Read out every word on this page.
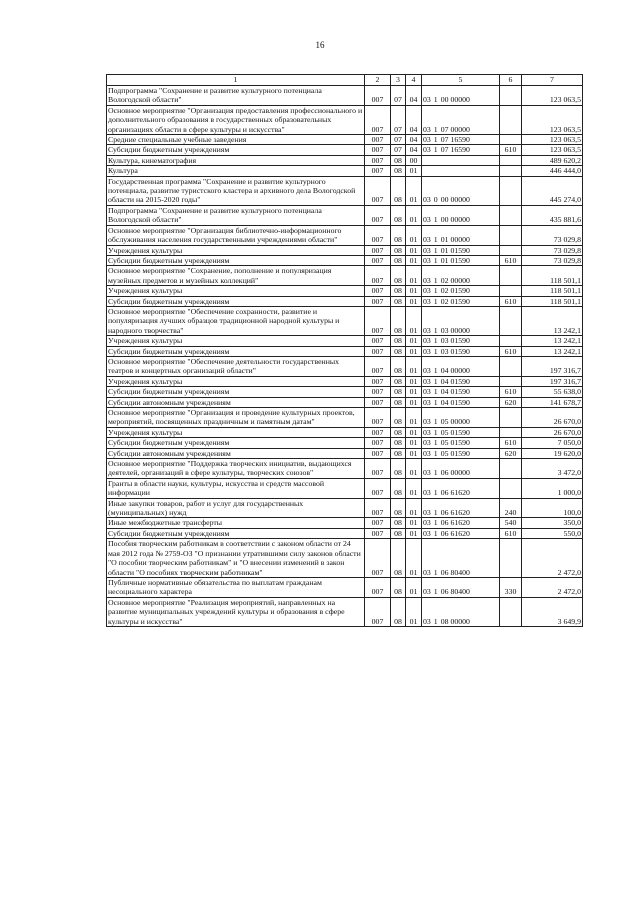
16
1	2	3	4	5	6	7
Подпрограмма "Сохранение и развитие культурного потенциала Вологодской области"	007	07	04	03 1 00 00000		123 063,5
Основное мероприятие "Организация предоставления профессионального и дополнительного образования в государственных образовательных организациях области в сфере культуры и искусства"	007	07	04	03 1 07 00000		123 063,5
Средние специальные учебные заведения	007	07	04	03 1 07 16590		123 063,5
Субсидии бюджетным учреждениям	007	07	04	03 1 07 16590	610	123 063,5
Культура, кинематография	007	08	00			489 620,2
Культура	007	08	01			446 444,0
Государственная программа "Сохранение и развитие культурного потенциала, развитие туристского кластера и архивного дела Вологодской области на 2015-2020 годы"	007	08	01	03 0 00 00000		445 274,0
Подпрограмма "Сохранение и развитие культурного потенциала Вологодской области"	007	08	01	03 1 00 00000		435 881,6
Основное мероприятие "Организация библиотечно-информационного обслуживания населения государственными учреждениями области"	007	08	01	03 1 01 00000		73 029,8
Учреждения культуры	007	08	01	03 1 01 01590		73 029,8
Субсидии бюджетным учреждениям	007	08	01	03 1 01 01590	610	73 029,8
Основное мероприятие "Сохранение, пополнение и популяризация музейных предметов и музейных коллекций"	007	08	01	03 1 02 00000		118 501,1
Учреждения культуры	007	08	01	03 1 02 01590		118 501,1
Субсидии бюджетным учреждениям	007	08	01	03 1 02 01590	610	118 501,1
Основное мероприятие "Обеспечение сохранности, развитие и популяризация лучших образцов традиционной народной культуры и народного творчества"	007	08	01	03 1 03 00000		13 242,1
Учреждения культуры	007	08	01	03 1 03 01590		13 242,1
Субсидии бюджетным учреждениям	007	08	01	03 1 03 01590	610	13 242,1
Основное мероприятие "Обеспечение деятельности государственных театров и концертных организаций области"	007	08	01	03 1 04 00000		197 316,7
Учреждения культуры	007	08	01	03 1 04 01590		197 316,7
Субсидии бюджетным учреждениям	007	08	01	03 1 04 01590	610	55 638,0
Субсидии автономным учреждениям	007	08	01	03 1 04 01590	620	141 678,7
Основное мероприятие "Организация и проведение культурных проектов, мероприятий, посвященных праздничным и памятным датам"	007	08	01	03 1 05 00000		26 670,0
Учреждения культуры	007	08	01	03 1 05 01590		26 670,0
Субсидии бюджетным учреждениям	007	08	01	03 1 05 01590	610	7 050,0
Субсидии автономным учреждениям	007	08	01	03 1 05 01590	620	19 620,0
Основное мероприятие "Поддержка творческих инициатив, выдающихся деятелей, организаций в сфере культуры, творческих союзов"	007	08	01	03 1 06 00000		3 472,0
Гранты в области науки, культуры, искусства и средств массовой информации	007	08	01	03 1 06 61620		1 000,0
Иные закупки товаров, работ и услуг для государственных (муниципальных) нужд	007	08	01	03 1 06 61620	240	100,0
Иные межбюджетные трансферты	007	08	01	03 1 06 61620	540	350,0
Субсидии бюджетным учреждениям	007	08	01	03 1 06 61620	610	550,0
Пособия творческим работникам в соответствии с законом области от 24 мая 2012 года № 2759-ОЗ "О признании утратившими силу законов области "О пособии творческим работникам" и "О внесении изменений в закон области "О пособиях творческим работникам"	007	08	01	03 1 06 80400		2 472,0
Публичные нормативные обязательства по выплатам гражданам несоциального характера	007	08	01	03 1 06 80400	330	2 472,0
Основное мероприятие "Реализация мероприятий, направленных на развитие муниципальных учреждений культуры и образования в сфере культуры и искусства"	007	08	01	03 1 08 00000		3 649,9
